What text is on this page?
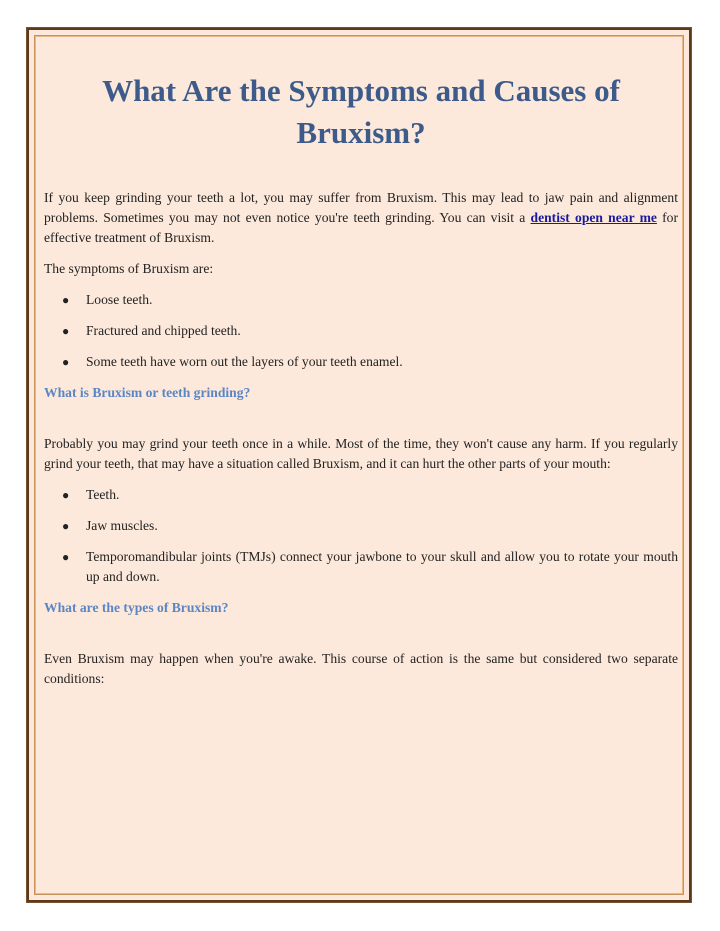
What Are the Symptoms and Causes of Bruxism?

If you keep grinding your teeth a lot, you may suffer from Bruxism. This may lead to jaw pain and alignment problems. Sometimes you may not even notice you're teeth grinding. You can visit a dentist open near me for effective treatment of Bruxism.

The symptoms of Bruxism are:

● Loose teeth.
● Fractured and chipped teeth.
● Some teeth have worn out the layers of your teeth enamel.
What is Bruxism or teeth grinding?

Probably you may grind your teeth once in a while. Most of the time, they won't cause any harm. If you regularly grind your teeth, that may have a situation called Bruxism, and it can hurt the other parts of your mouth:

● Teeth.
● Jaw muscles.
● Temporomandibular joints (TMJs) connect your jawbone to your skull and allow you to rotate your mouth up and down.
What are the types of Bruxism?

Even Bruxism may happen when you're awake. This course of action is the same but considered two separate conditions:
